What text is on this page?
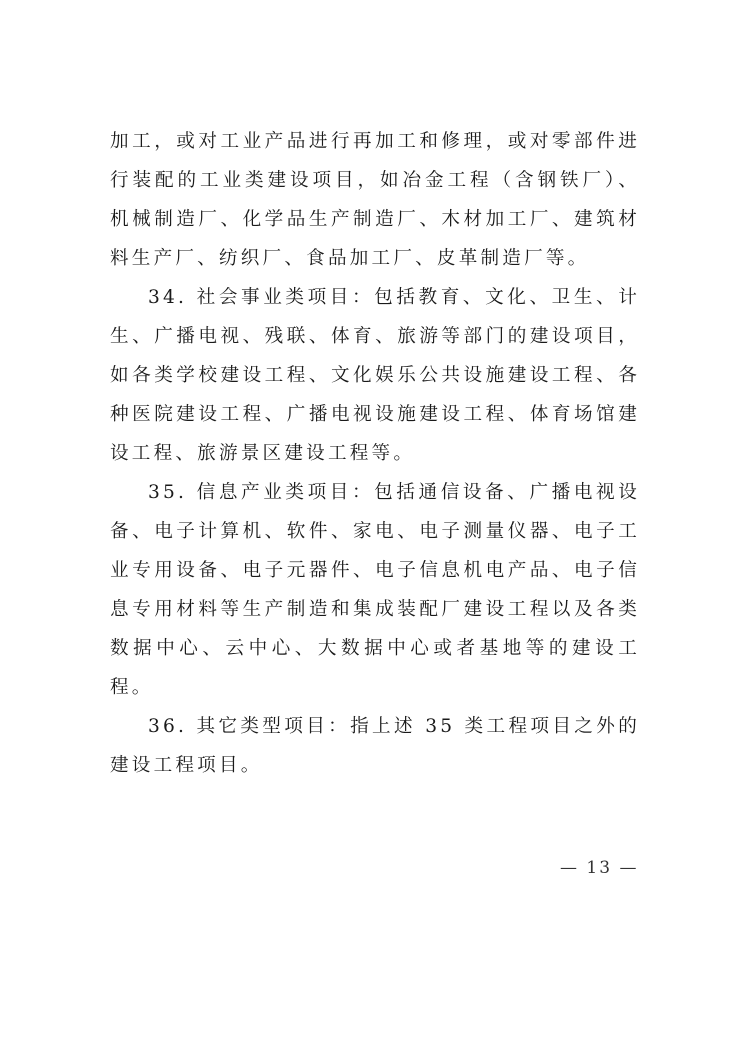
加工，或对工业产品进行再加工和修理，或对零部件进行装配的工业类建设项目，如冶金工程（含钢铁厂）、机械制造厂、化学品生产制造厂、木材加工厂、建筑材料生产厂、纺织厂、食品加工厂、皮革制造厂等。

34. 社会事业类项目：包括教育、文化、卫生、计生、广播电视、残联、体育、旅游等部门的建设项目，如各类学校建设工程、文化娱乐公共设施建设工程、各种医院建设工程、广播电视设施建设工程、体育场馆建设工程、旅游景区建设工程等。

35. 信息产业类项目：包括通信设备、广播电视设备、电子计算机、软件、家电、电子测量仪器、电子工业专用设备、电子元器件、电子信息机电产品、电子信息专用材料等生产制造和集成装配厂建设工程以及各类数据中心、云中心、大数据中心或者基地等的建设工程。

36. 其它类型项目：指上述 35 类工程项目之外的建设工程项目。

— 13 —
